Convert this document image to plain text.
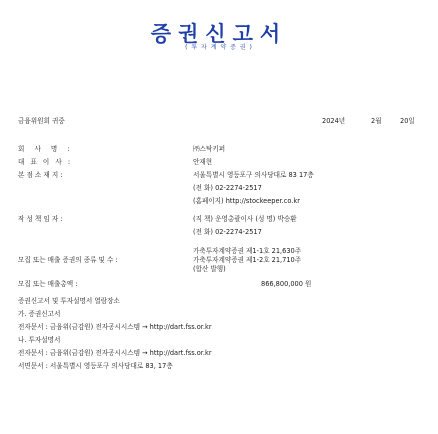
증권신고서
( 투 자 계 약 증 권 )
금융위원회 귀중	2024년	2월	20일
회 사 명 :	㈜스탁키퍼
대 표 이 사 :	안재현
본 점 소 재 지 :	서울특별시 영등포구 의사당대로 83 17층
(전 화) 02-2274-2517
(홈페이지) http://stockeeper.co.kr
작 성 책 임 자 :	(직 책) 운영총괄이사 (성 명) 박승환
(전 화) 02-2274-2517
가축투자계약증권 제1-1호 21,630주
모집 또는 매출 증권의 종류 및 수 :	가축투자계약증권 제1-2호 21,710주
(합산 발행)
모집 또는 매출총액 :	866,800,000 원
증권신고서 및 투자설명서 열람장소
가. 증권신고서
전자문서 : 금융위(금감원) 전자공시시스템 → http://dart.fss.or.kr
나. 투자설명서
전자문서 : 금융위(금감원) 전자공시시스템 → http://dart.fss.or.kr
서면문서 : 서울특별시 영등포구 의사당대로 83, 17층
